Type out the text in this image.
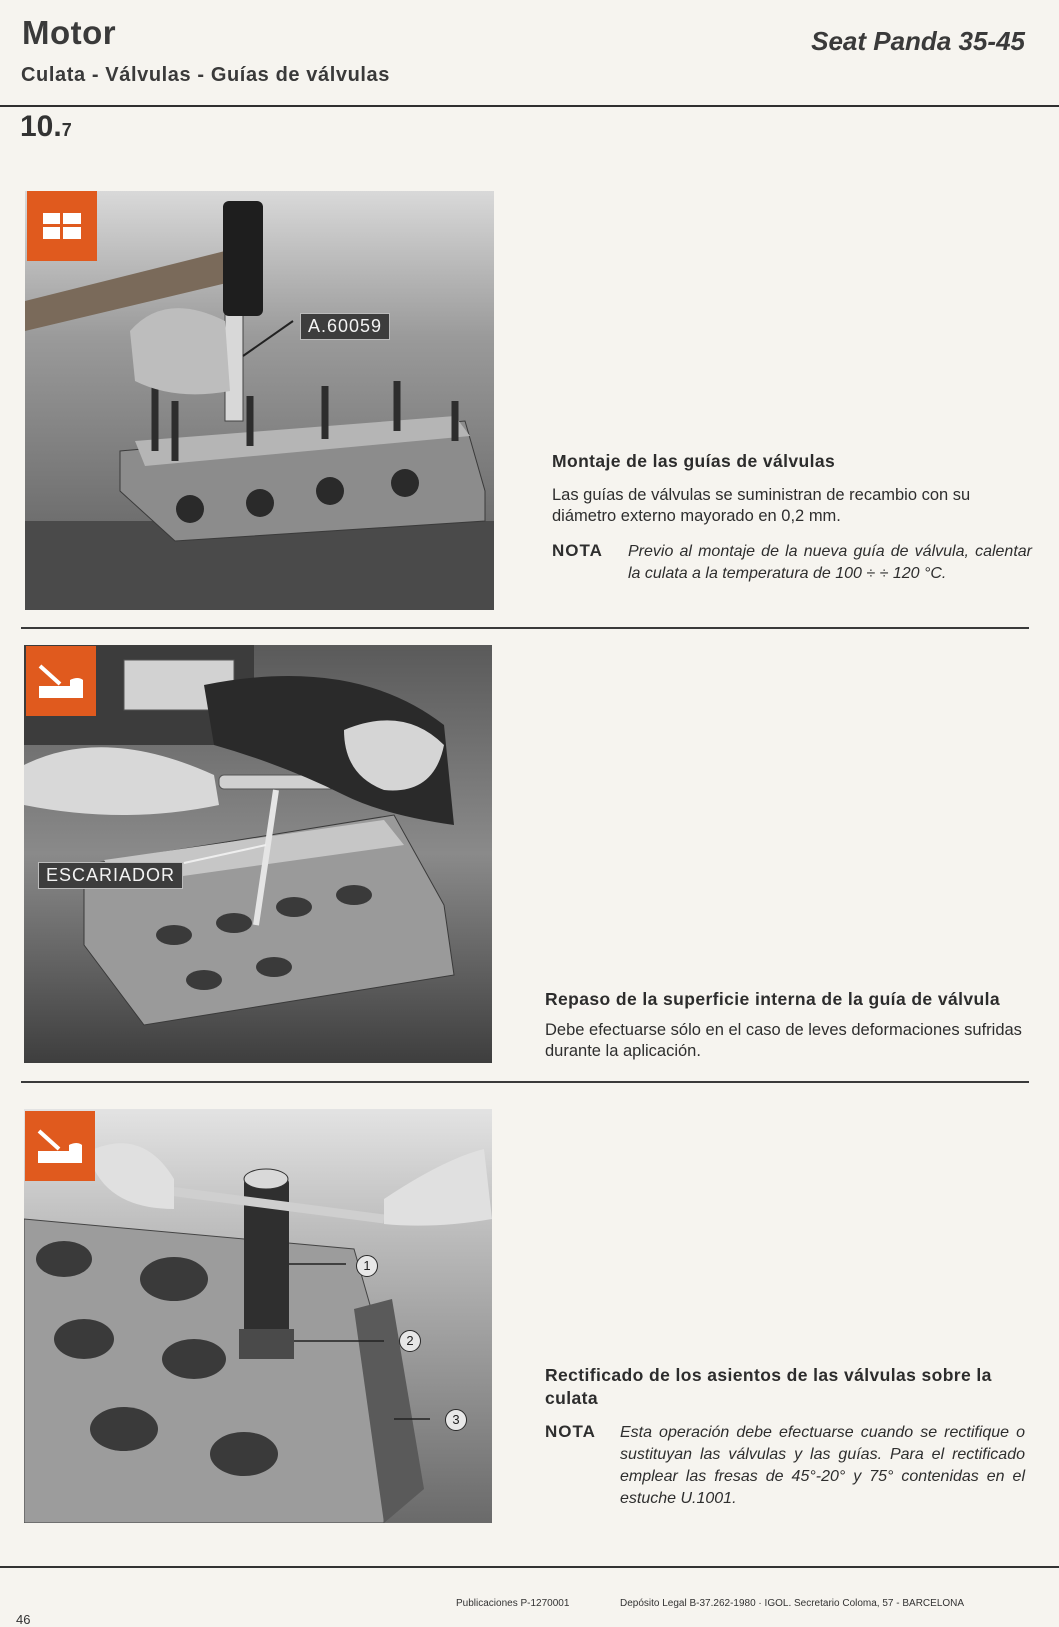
Motor
Culata - Válvulas - Guías de válvulas
Seat Panda 35-45
10.7
A.60059
Montaje de las guías de válvulas
Las guías de válvulas se suministran de recambio con su diámetro externo mayorado en 0,2 mm.
NOTA Previo al montaje de la nueva guía de válvula, calentar la culata a la temperatura de 100 ÷ ÷ 120 °C.
ESCARIADOR
Repaso de la superficie interna de la guía de válvula
Debe efectuarse sólo en el caso de leves deformaciones sufridas durante la aplicación.
1
2
3
Rectificado de los asientos de las válvulas sobre la culata
NOTA Esta operación debe efectuarse cuando se rectifique o sustituyan las válvulas y las guías. Para el rectificado emplear las fresas de 45°-20° y 75° contenidas en el estuche U.1001.
46
Publicaciones P-1270001	Depósito Legal B-37.262-1980 · IGOL. Secretario Coloma, 57 - BARCELONA
